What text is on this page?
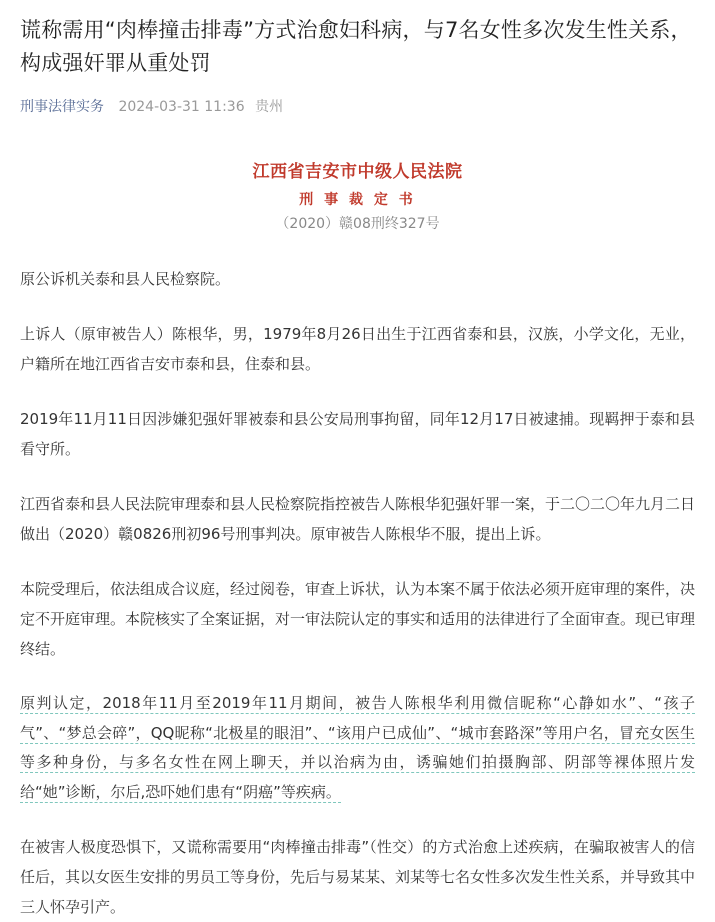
谎称需用“肉棒撞击排毒”方式治愈妇科病，与7名女性多次发生性关系，构成强奸罪从重处罚
刑事法律实务 2024-03-31 11:36 贵州
江西省吉安市中级人民法院
刑 事 裁 定 书
（2020）赣08刑终327号

原公诉机关泰和县人民检察院。

上诉人（原审被告人）陈根华，男，1979年8月26日出生于江西省泰和县，汉族，小学文化，无业，户籍所在地江西省吉安市泰和县，住泰和县。

2019年11月11日因涉嫌犯强奸罪被泰和县公安局刑事拘留，同年12月17日被逮捕。现羁押于泰和县看守所。

江西省泰和县人民法院审理泰和县人民检察院指控被告人陈根华犯强奸罪一案，于二〇二〇年九月二日做出（2020）赣0826刑初96号刑事判决。原审被告人陈根华不服，提出上诉。

本院受理后，依法组成合议庭，经过阅卷，审查上诉状，认为本案不属于依法必须开庭审理的案件，决定不开庭审理。本院核实了全案证据，对一审法院认定的事实和适用的法律进行了全面审查。现已审理终结。

原判认定，2018年11月至2019年11月期间，被告人陈根华利用微信昵称“心静如水”、“孩子气”、“梦总会碎”，QQ昵称“北极星的眼泪”、“该用户已成仙”、“城市套路深”等用户名，冒充女医生等多种身份，与多名女性在网上聊天，并以治病为由，诱骗她们拍摄胸部、阴部等裸体照片发给“她”诊断，尔后,恐吓她们患有“阴癌”等疾病。

在被害人极度恐惧下，又谎称需要用“肉棒撞击排毒”（性交）的方式治愈上述疾病，在骗取被害人的信任后，其以女医生安排的男员工等身份，先后与易某某、刘某等七名女性多次发生性关系，并导致其中三人怀孕引产。
